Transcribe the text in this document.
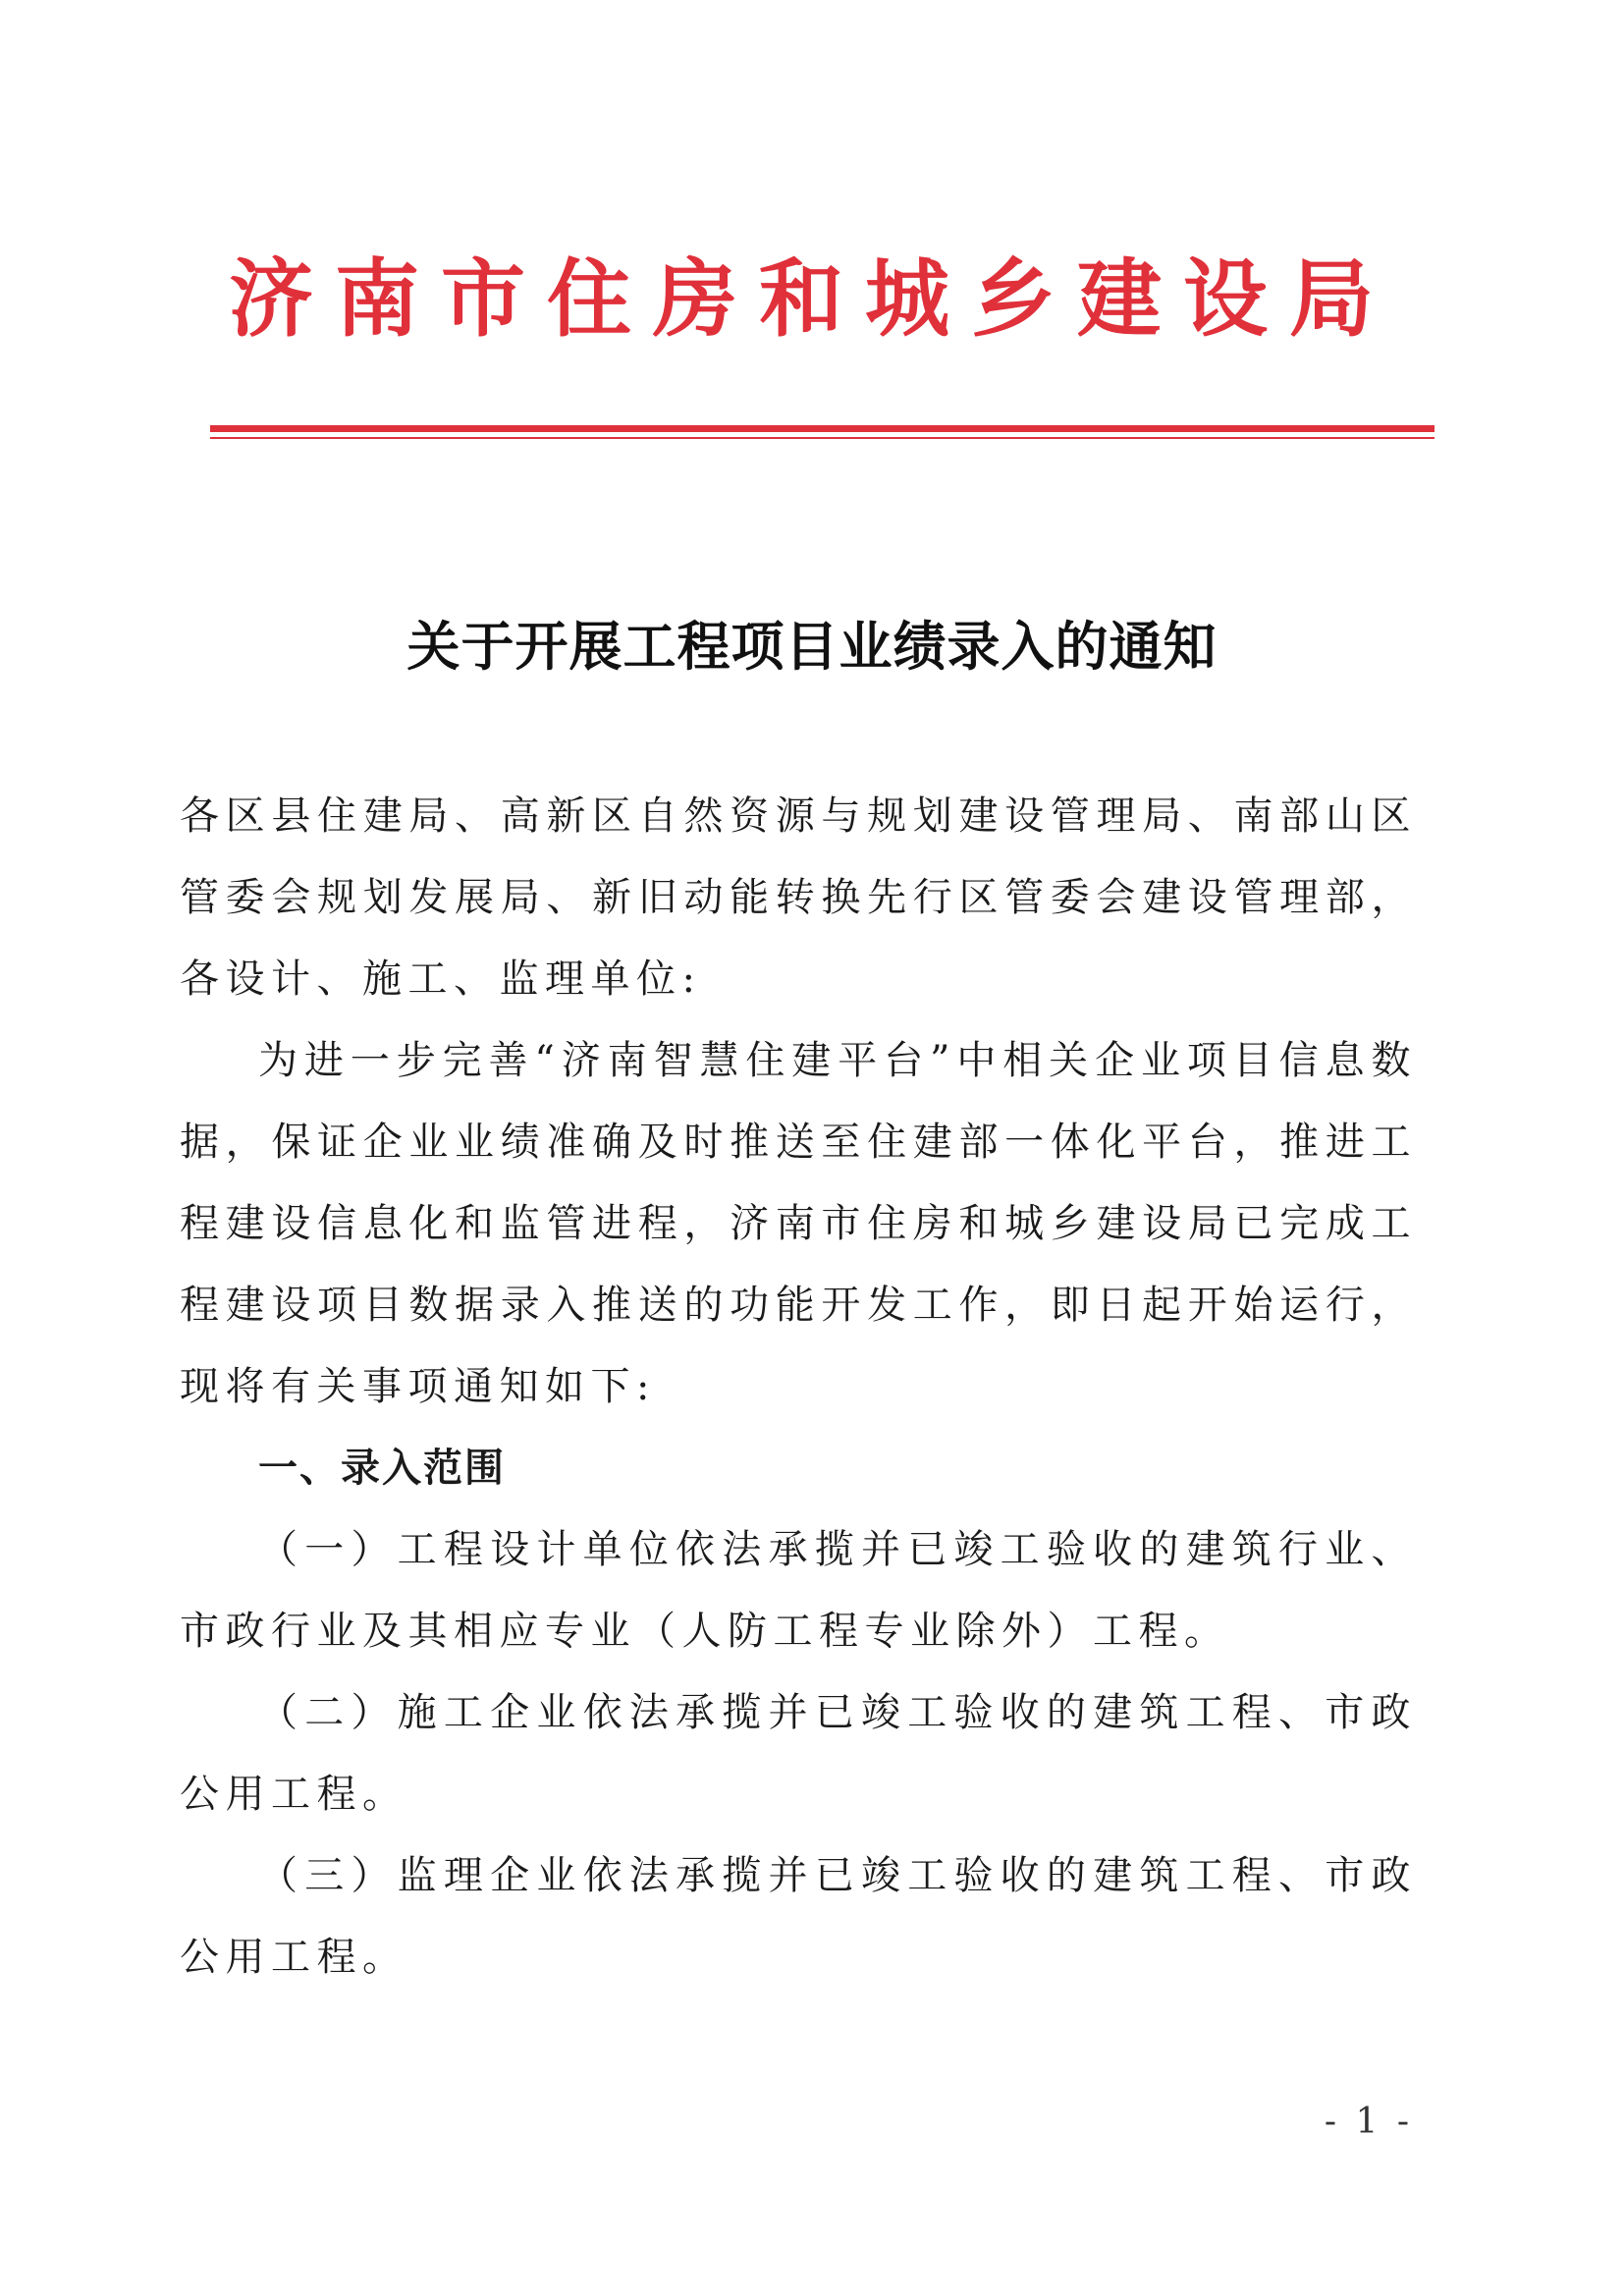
济南市住房和城乡建设局
关于开展工程项目业绩录入的通知

各区县住建局、高新区自然资源与规划建设管理局、南部山区管委会规划发展局、新旧动能转换先行区管委会建设管理部，各设计、施工、监理单位:

为进一步完善“济南智慧住建平台”中相关企业项目信息数据，保证企业业绩准确及时推送至住建部一体化平台，推进工程建设信息化和监管进程，济南市住房和城乡建设局已完成工程建设项目数据录入推送的功能开发工作，即日起开始运行，现将有关事项通知如下:

一、录入范围

（一）工程设计单位依法承揽并已竣工验收的建筑行业、市政行业及其相应专业（人防工程专业除外）工程。

（二）施工企业依法承揽并已竣工验收的建筑工程、市政公用工程。

（三）监理企业依法承揽并已竣工验收的建筑工程、市政公用工程。

- 1 -
